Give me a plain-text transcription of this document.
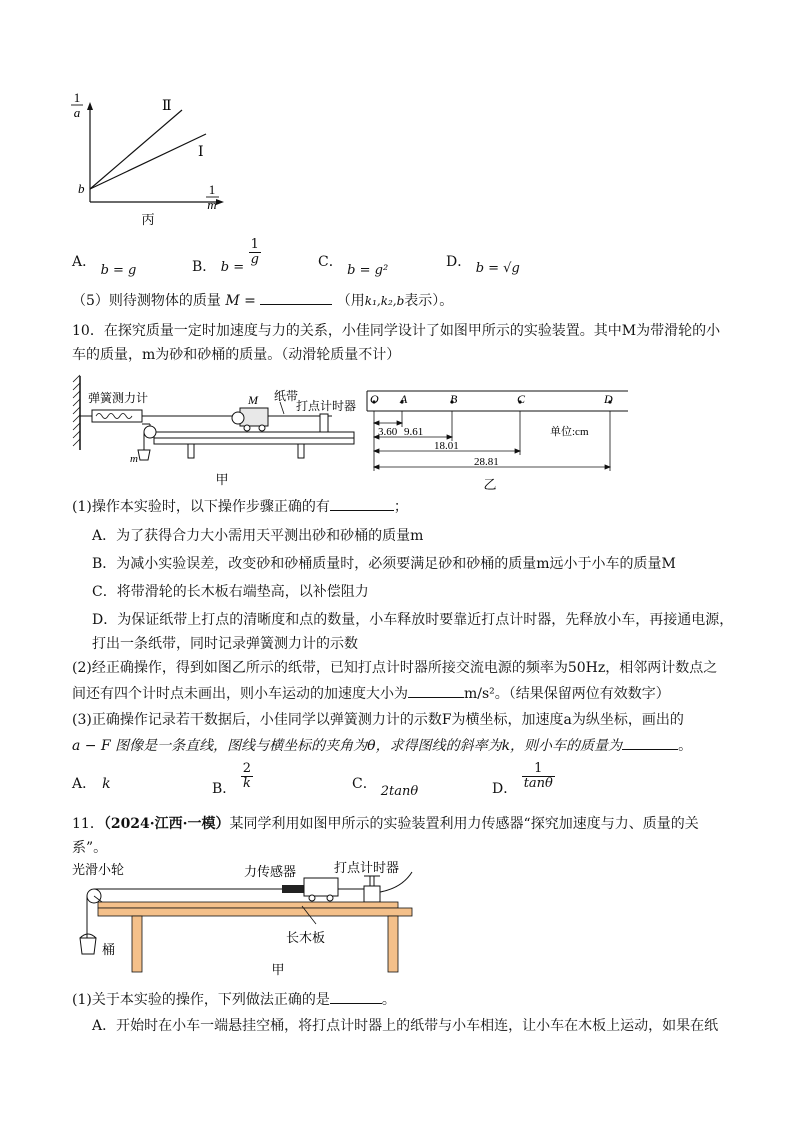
1
a
1
m
Ⅱ
Ⅰ
b
丙
A． b = g	B． $b = \frac{1}{g}$	C． b = g²
D． b = √g
（5）则待测物体的质量 M =	（用k₁,k₂,b表示）。
10．在探究质量一定时加速度与力的关系，小佳同学设计了如图甲所示的实验装置。其中M为带滑轮的小
车的质量，m为砂和砂桶的质量。（动滑轮质量不计）
弹簧测力计	M 纸带
打点计时器
m
甲
O A	B	C	D
3.60 9.61
18.01
28.81
单位:cm
乙
(1)操作本实验时，以下操作步骤正确的有	；
A．为了获得合力大小需用天平测出砂和砂桶的质量m
B．为减小实验误差，改变砂和砂桶质量时，必须要满足砂和砂桶的质量m远小于小车的质量M
C．将带滑轮的长木板右端垫高，以补偿阻力
D．为保证纸带上打点的清晰度和点的数量，小车释放时要靠近打点计时器，先释放小车，再接通电源，
打出一条纸带，同时记录弹簧测力计的示数
(2)经正确操作，得到如图乙所示的纸带，已知打点计时器所接交流电源的频率为50Hz，相邻两计数点之
间还有四个计时点未画出，则小车运动的加速度大小为	m/s²。（结果保留两位有效数字）
(3)正确操作记录若干数据后，小佳同学以弹簧测力计的示数F为横坐标，加速度a为纵坐标，画出的
a − F 图像是一条直线，图线与横坐标的夹角为θ，求得图线的斜率为k，则小车的质量为	。
A． k	B． $\frac{2}{k}$	C． 2tanθ	D． $\frac{1}{\tan\theta}$
11．（2024·江西·一模）某同学利用如图甲所示的实验装置利用力传感器“探究加速度与力、质量的关
系”。
光滑小轮	力传感器	打点计时器
桶
长木板
甲
(1)关于本实验的操作，下列做法正确的是	。
A．开始时在小车一端悬挂空桶，将打点计时器上的纸带与小车相连，让小车在木板上运动，如果在纸
